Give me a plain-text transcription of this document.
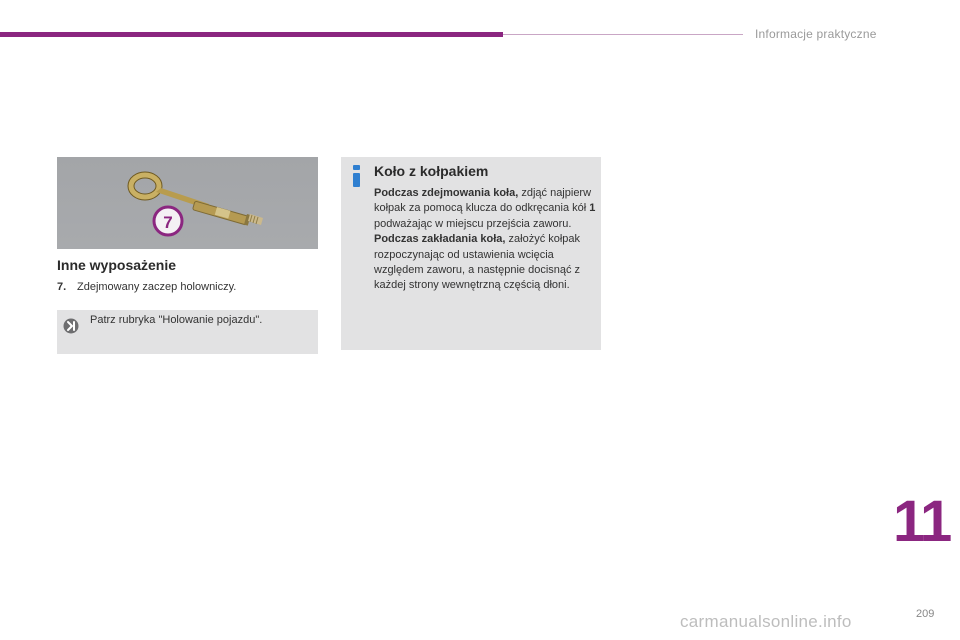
Informacje praktyczne
7
Inne wyposażenie
7. Zdejmowany zaczep holowniczy.
Patrz rubryka "Holowanie pojazdu".
Koło z kołpakiem
Podczas zdejmowania koła, zdjąć najpierw kołpak za pomocą klucza do odkręcania kół 1 podważając w miejscu przejścia zaworu.
Podczas zakładania koła, założyć kołpak rozpoczynając od ustawienia wcięcia względem zaworu, a następnie docisnąć z każdej strony wewnętrzną częścią dłoni.
11
carmanualsonline.info	209
